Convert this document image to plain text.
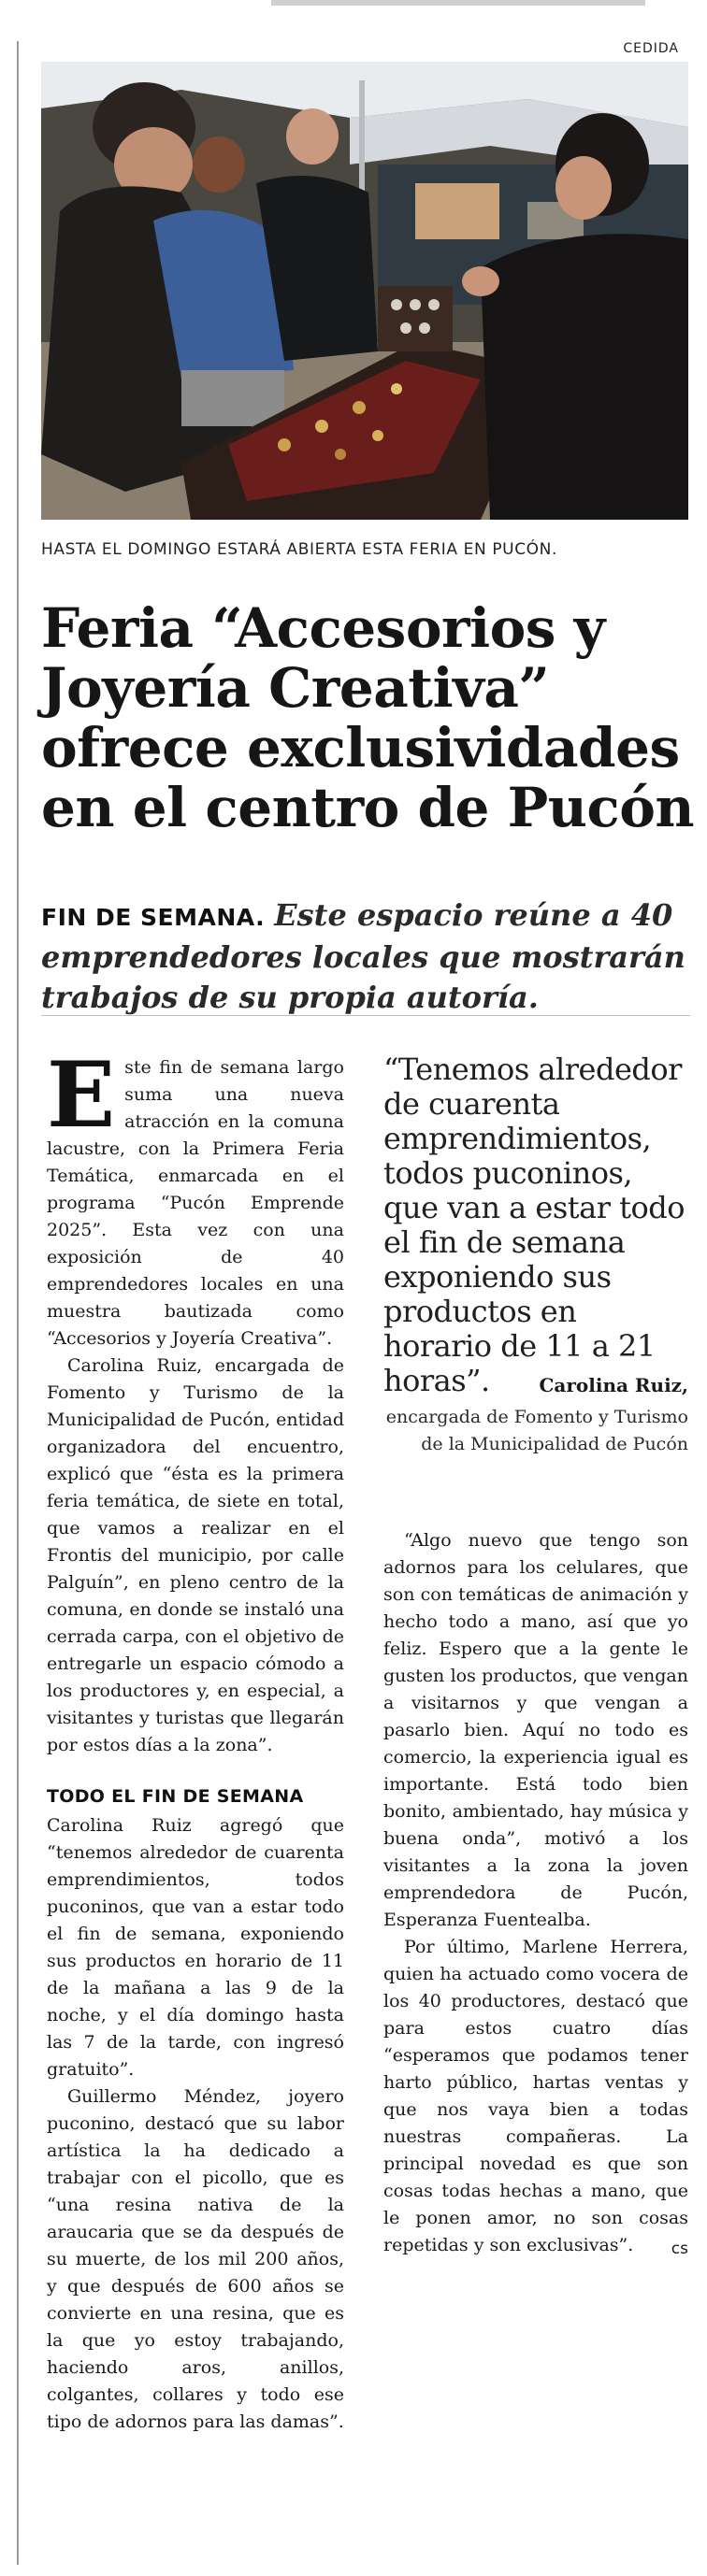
CEDIDA
HASTA EL DOMINGO ESTARÁ ABIERTA ESTA FERIA EN PUCÓN.
Feria “Accesorios y Joyería Creativa” ofrece exclusividades en el centro de Pucón
FIN DE SEMANA. Este espacio reúne a 40 emprendedores locales que mostrarán trabajos de su propia autoría.

E ste fin de semana largo suma una nueva atracción en la comuna lacustre, con la Primera Feria Temática, enmarcada en el programa “Pucón Emprende 2025”. Esta vez con una exposición de 40 emprendedores locales en una muestra bautizada como “Accesorios y Joyería Creativa”.

Carolina Ruiz, encargada de Fomento y Turismo de la Municipalidad de Pucón, entidad organizadora del encuentro, explicó que “ésta es la primera feria temática, de siete en total, que vamos a realizar en el Frontis del municipio, por calle Palguín”, en pleno centro de la comuna, en donde se instaló una cerrada carpa, con el objetivo de entregarle un espacio cómodo a los productores y, en especial, a visitantes y turistas que llegarán por estos días a la zona”.

TODO EL FIN DE SEMANA

Carolina Ruiz agregó que “tenemos alrededor de cuarenta emprendimientos, todos puconinos, que van a estar todo el fin de semana, exponiendo sus productos en horario de 11 de la mañana a las 9 de la noche, y el día domingo hasta las 7 de la tarde, con ingresó gratuito”.

Guillermo Méndez, joyero puconino, destacó que su labor artística la ha dedicado a trabajar con el picollo, que es “una resina nativa de la araucaria que se da después de su muerte, de los mil 200 años, y que después de 600 años se convierte en una resina, que es la que yo estoy trabajando, haciendo aros, anillos, colgantes, collares y todo ese tipo de adornos para las damas”.

“Tenemos alrededor de cuarenta emprendimientos, todos puconinos, que van a estar todo el fin de semana exponiendo sus productos en horario de 11 a 21 horas”.	Carolina Ruiz,
encargada de Fomento y Turismo de la Municipalidad de Pucón

“Algo nuevo que tengo son adornos para los celulares, que son con temáticas de animación y hecho todo a mano, así que yo feliz. Espero que a la gente le gusten los productos, que vengan a visitarnos y que vengan a pasarlo bien. Aquí no todo es comercio, la experiencia igual es importante. Está todo bien bonito, ambientado, hay música y buena onda”, motivó a los visitantes a la zona la joven emprendedora de Pucón, Esperanza Fuentealba.

Por último, Marlene Herrera, quien ha actuado como vocera de los 40 productores, destacó que para estos cuatro días “esperamos que podamos tener harto público, hartas ventas y que nos vaya bien a todas nuestras compañeras. La principal novedad es que son cosas todas hechas a mano, que le ponen amor, no son cosas repetidas y son exclusivas”.	cs
